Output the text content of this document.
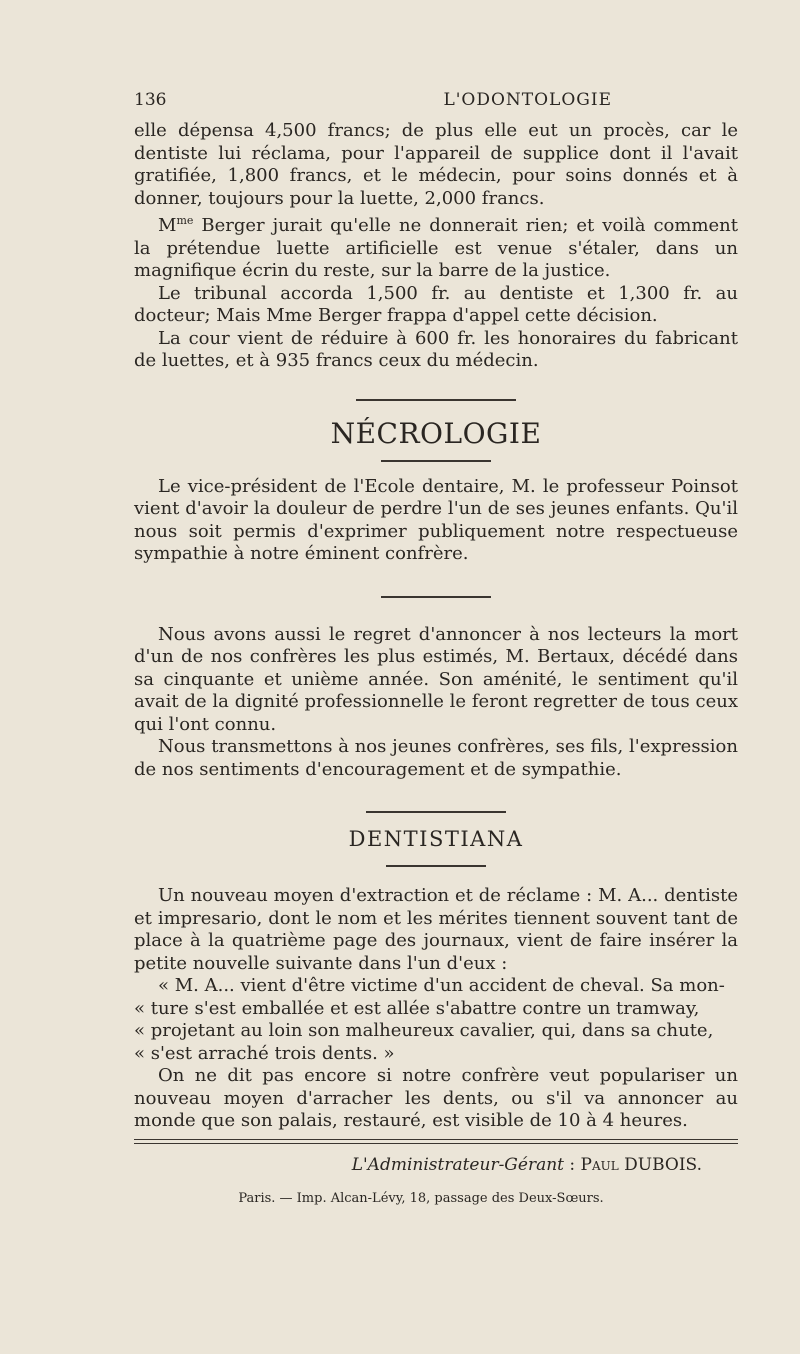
136	L'ODONTOLOGIE

elle dépensa 4,500 francs; de plus elle eut un procès, car le dentiste lui réclama, pour l'appareil de supplice dont il l'avait gratifiée, 1,800 francs, et le médecin, pour soins donnés et à donner, toujours pour la luette, 2,000 francs.

$M^{me}$ Berger jurait qu'elle ne donnerait rien; et voilà comment la prétendue luette artificielle est venue s'étaler, dans un magnifique écrin du reste, sur la barre de la justice.

Le tribunal accorda 1,500 fr. au dentiste et 1,300 fr. au docteur; Mais Mme Berger frappa d'appel cette décision.

La cour vient de réduire à 600 fr. les honoraires du fabricant de luettes, et à 935 francs ceux du médecin.

NÉCROLOGIE

Le vice-président de l'Ecole dentaire, M. le professeur Poinsot vient d'avoir la douleur de perdre l'un de ses jeunes enfants. Qu'il nous soit permis d'exprimer publiquement notre respectueuse sympathie à notre éminent confrère.

Nous avons aussi le regret d'annoncer à nos lecteurs la mort d'un de nos confrères les plus estimés, M. Bertaux, décédé dans sa cinquante et unième année. Son aménité, le sentiment qu'il avait de la dignité professionnelle le feront regretter de tous ceux qui l'ont connu.

Nous transmettons à nos jeunes confrères, ses fils, l'expression de nos sentiments d'encouragement et de sympathie.

DENTISTIANA

Un nouveau moyen d'extraction et de réclame : M. A... dentiste et impresario, dont le nom et les mérites tiennent souvent tant de place à la quatrième page des journaux, vient de faire insérer la petite nouvelle suivante dans l'un d'eux :

« M. A... vient d'être victime d'un accident de cheval. Sa mon-

« ture s'est emballée et est allée s'abattre contre un tramway,

« projetant au loin son malheureux cavalier, qui, dans sa chute,

« s'est arraché trois dents. »

On ne dit pas encore si notre confrère veut populariser un nouveau moyen d'arracher les dents, ou s'il va annoncer au monde que son palais, restauré, est visible de 10 à 4 heures.

L'Administrateur-Gérant : Paul DUBOIS.
Paris. — Imp. Alcan-Lévy, 18, passage des Deux-Sœurs.
